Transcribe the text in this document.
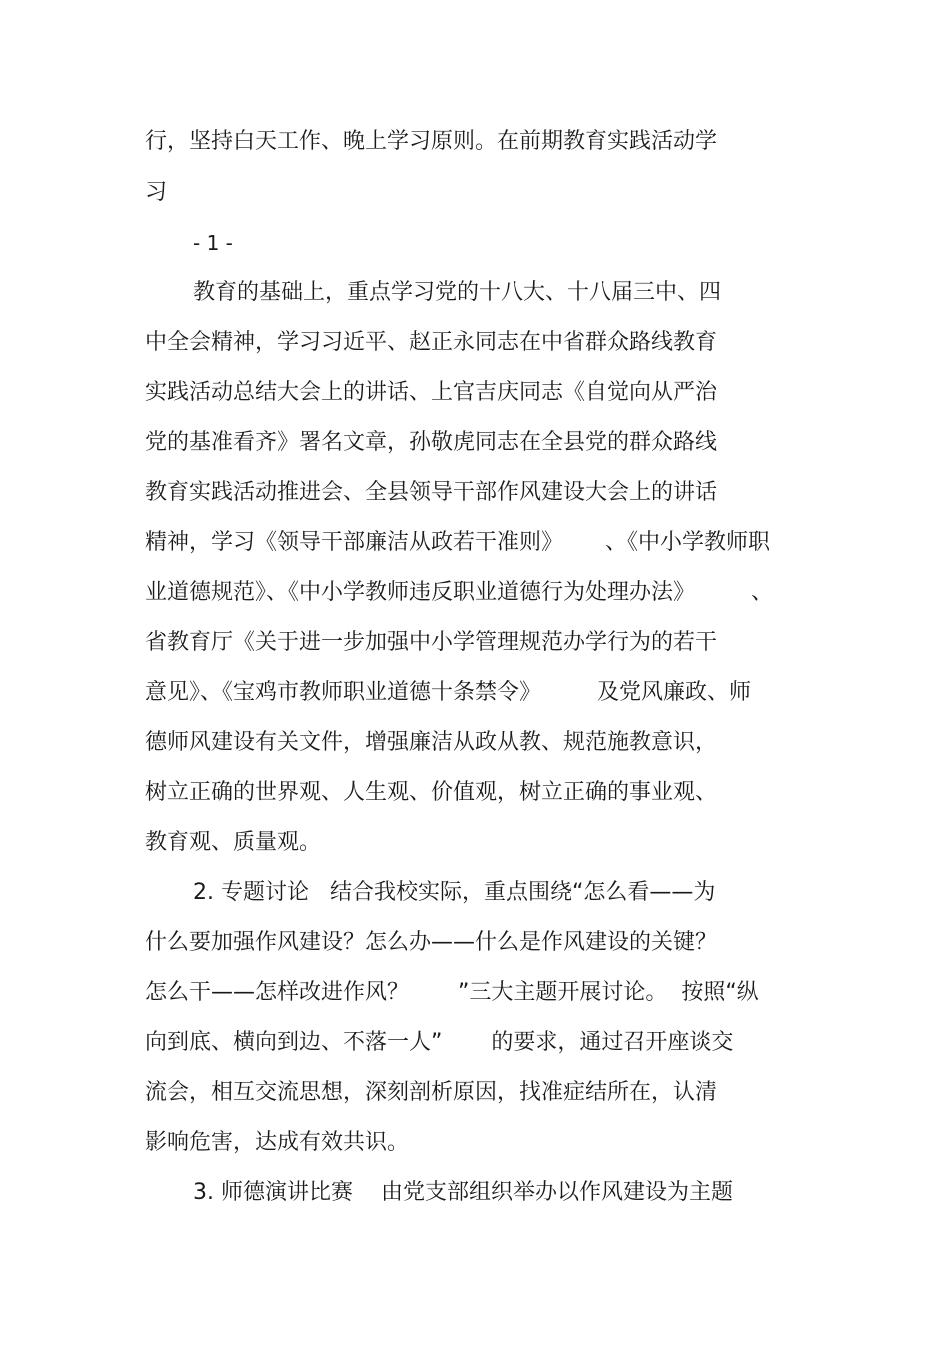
行，坚持白天工作、晚上学习原则。在前期教育实践活动学
习
- 1 -
教育的基础上，重点学习党的十八大、十八届三中、四
中全会精神，学习习近平、赵正永同志在中省群众路线教育
实践活动总结大会上的讲话、上官吉庆同志《自觉向从严治
党的基准看齐》署名文章，孙敬虎同志在全县党的群众路线
教育实践活动推进会、全县领导干部作风建设大会上的讲话
精神，学习《领导干部廉洁从政若干准则》      、《中小学教师职
业道德规范》、《中小学教师违反职业道德行为处理办法》        、
省教育厅《关于进一步加强中小学管理规范办学行为的若干
意见》、《宝鸡市教师职业道德十条禁令》        及党风廉政、师
德师风建设有关文件，增强廉洁从政从教、规范施教意识，
树立正确的世界观、人生观、价值观，树立正确的事业观、
教育观、质量观。
2. 专题讨论   结合我校实际，重点围绕“怎么看——为
什么要加强作风建设？怎么办——什么是作风建设的关键？
怎么干——怎样改进作风？       ”三大主题开展讨论。  按照“纵
向到底、横向到边、不落一人”       的要求，通过召开座谈交
流会，相互交流思想，深刻剖析原因，找准症结所在，认清
影响危害，达成有效共识。
3. 师德演讲比赛    由党支部组织举办以作风建设为主题
